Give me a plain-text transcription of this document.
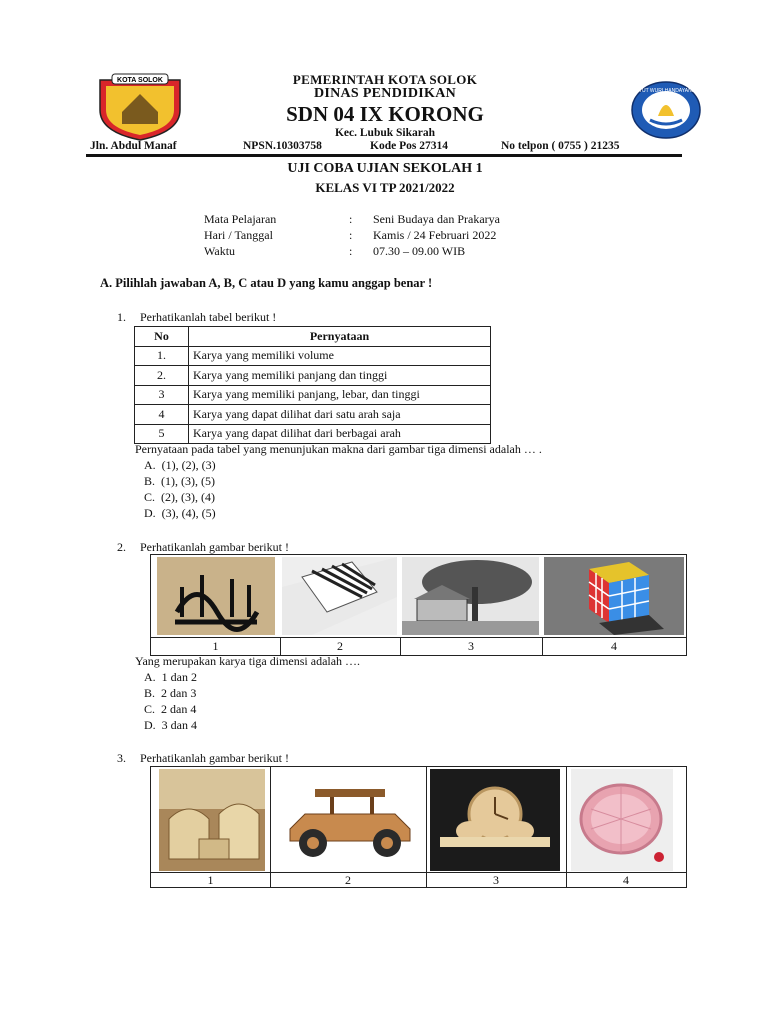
KOTA SOLOK
TUT WURI HANDAYANI
PEMERINTAH KOTA SOLOK
DINAS PENDIDIKAN
SDN 04 IX KORONG
Kec. Lubuk Sikarah
Jln. Abdul Manaf	NPSN.10303758	Kode Pos 27314	No telpon ( 0755 ) 21235
UJI COBA UJIAN SEKOLAH 1
KELAS VI TP 2021/2022
Mata Pelajaran	: Seni Budaya dan Prakarya
Hari / Tanggal	: Kamis / 24 Februari 2022
Waktu	: 07.30 – 09.00 WIB
A. Pilihlah jawaban A, B, C atau D yang kamu anggap benar !
1. Perhatikanlah tabel berikut !
No	Pernyataan
1.	Karya yang memiliki volume
2.	Karya yang memiliki panjang dan tinggi
3	Karya yang memiliki panjang, lebar, dan tinggi
4	Karya yang dapat dilihat dari satu arah saja
5	Karya yang dapat dilihat dari berbagai arah
Pernyataan pada tabel yang menunjukan makna dari gambar tiga dimensi adalah … .
A. (1), (2), (3)
B. (1), (3), (5)
C. (2), (3), (4)
D. (3), (4), (5)
2. Perhatikanlah gambar berikut !
1	2	3	4
Yang merupakan karya tiga dimensi adalah ….
A. 1 dan 2
B. 2 dan 3
C. 2 dan 4
D. 3 dan 4
3. Perhatikanlah gambar berikut !
1	2	3	4
